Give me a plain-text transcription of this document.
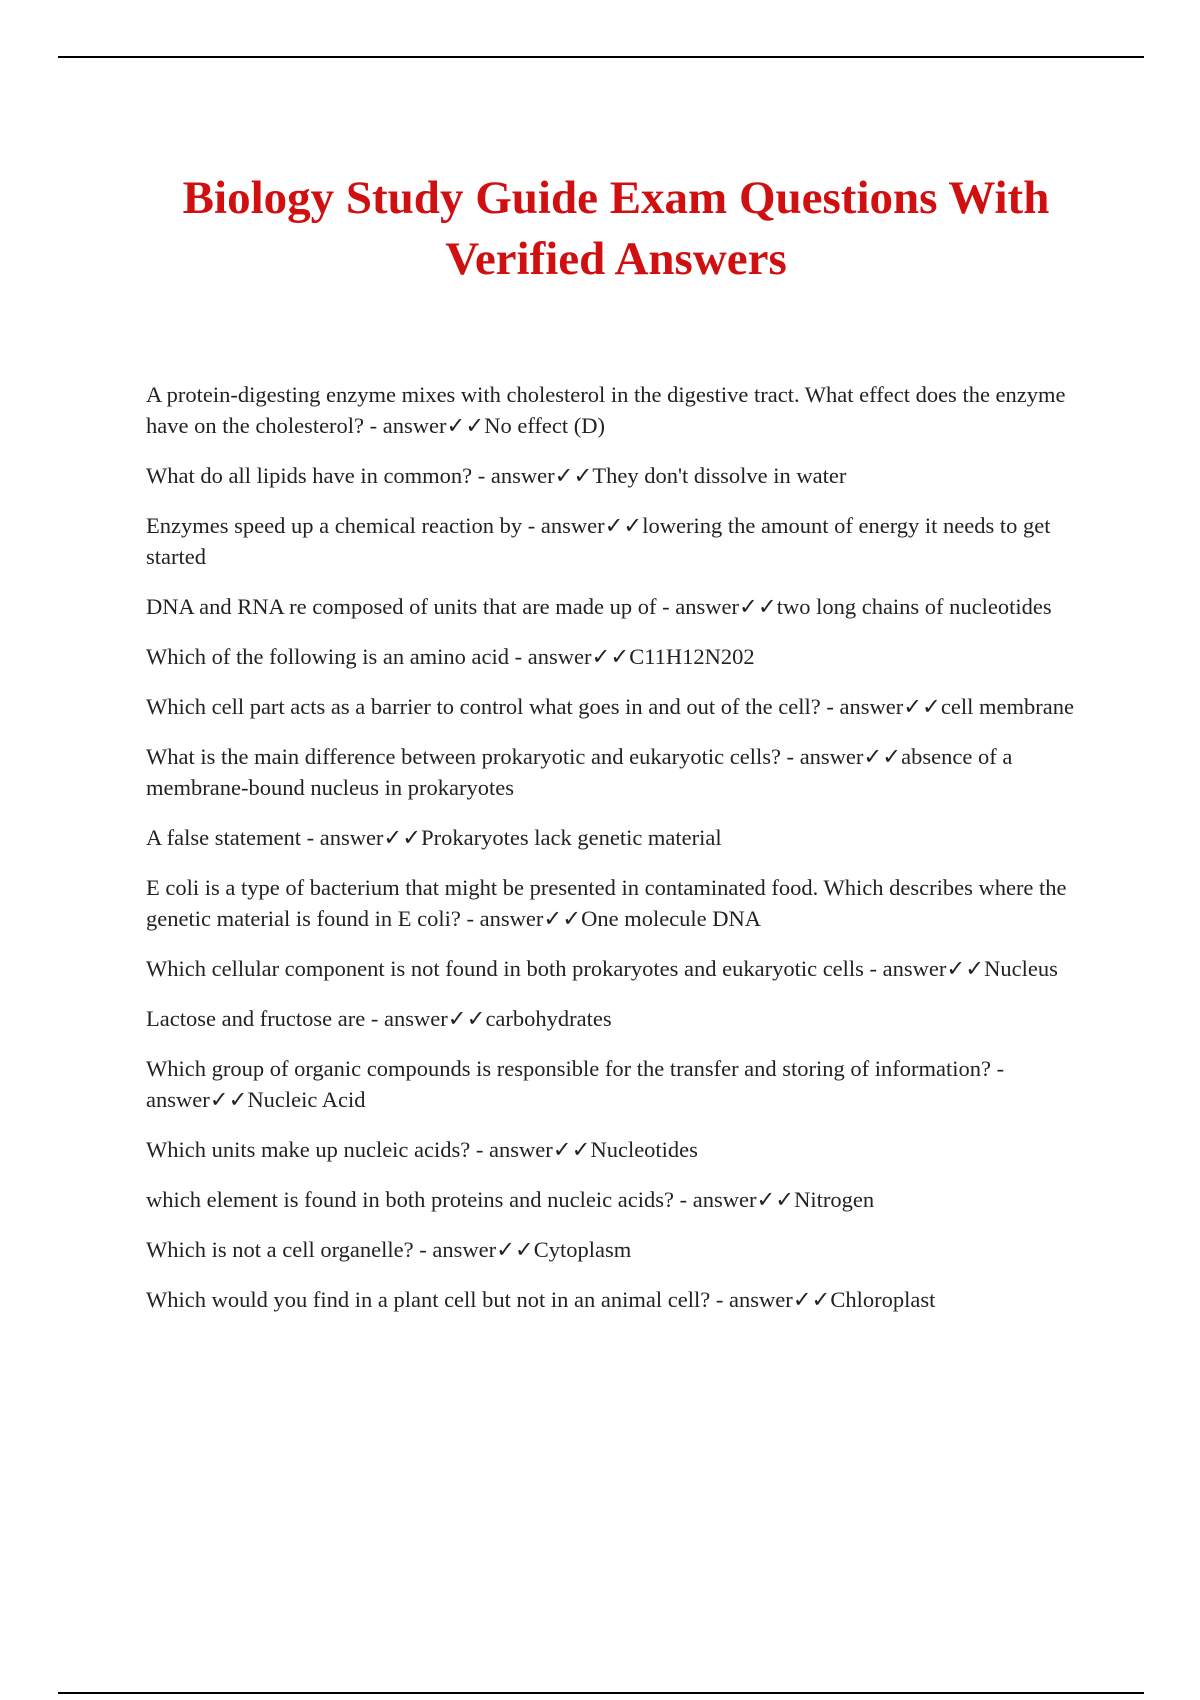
Biology Study Guide Exam Questions With Verified Answers
A protein-digesting enzyme mixes with cholesterol in the digestive tract. What effect does the enzyme have on the cholesterol? - answer✓✓No effect (D)
What do all lipids have in common? - answer✓✓They don't dissolve in water
Enzymes speed up a chemical reaction by - answer✓✓lowering the amount of energy it needs to get started
DNA and RNA re composed of units that are made up of - answer✓✓two long chains of nucleotides
Which of the following is an amino acid - answer✓✓C11H12N202
Which cell part acts as a barrier to control what goes in and out of the cell? - answer✓✓cell membrane
What is the main difference between prokaryotic and eukaryotic cells? - answer✓✓absence of a membrane-bound nucleus in prokaryotes
A false statement - answer✓✓Prokaryotes lack genetic material
E coli is a type of bacterium that might be presented in contaminated food. Which describes where the genetic material is found in E coli? - answer✓✓One molecule DNA
Which cellular component is not found in both prokaryotes and eukaryotic cells - answer✓✓Nucleus
Lactose and fructose are - answer✓✓carbohydrates
Which group of organic compounds is responsible for the transfer and storing of information? - answer✓✓Nucleic Acid
Which units make up nucleic acids? - answer✓✓Nucleotides
which element is found in both proteins and nucleic acids? - answer✓✓Nitrogen
Which is not a cell organelle? - answer✓✓Cytoplasm
Which would you find in a plant cell but not in an animal cell? - answer✓✓Chloroplast
